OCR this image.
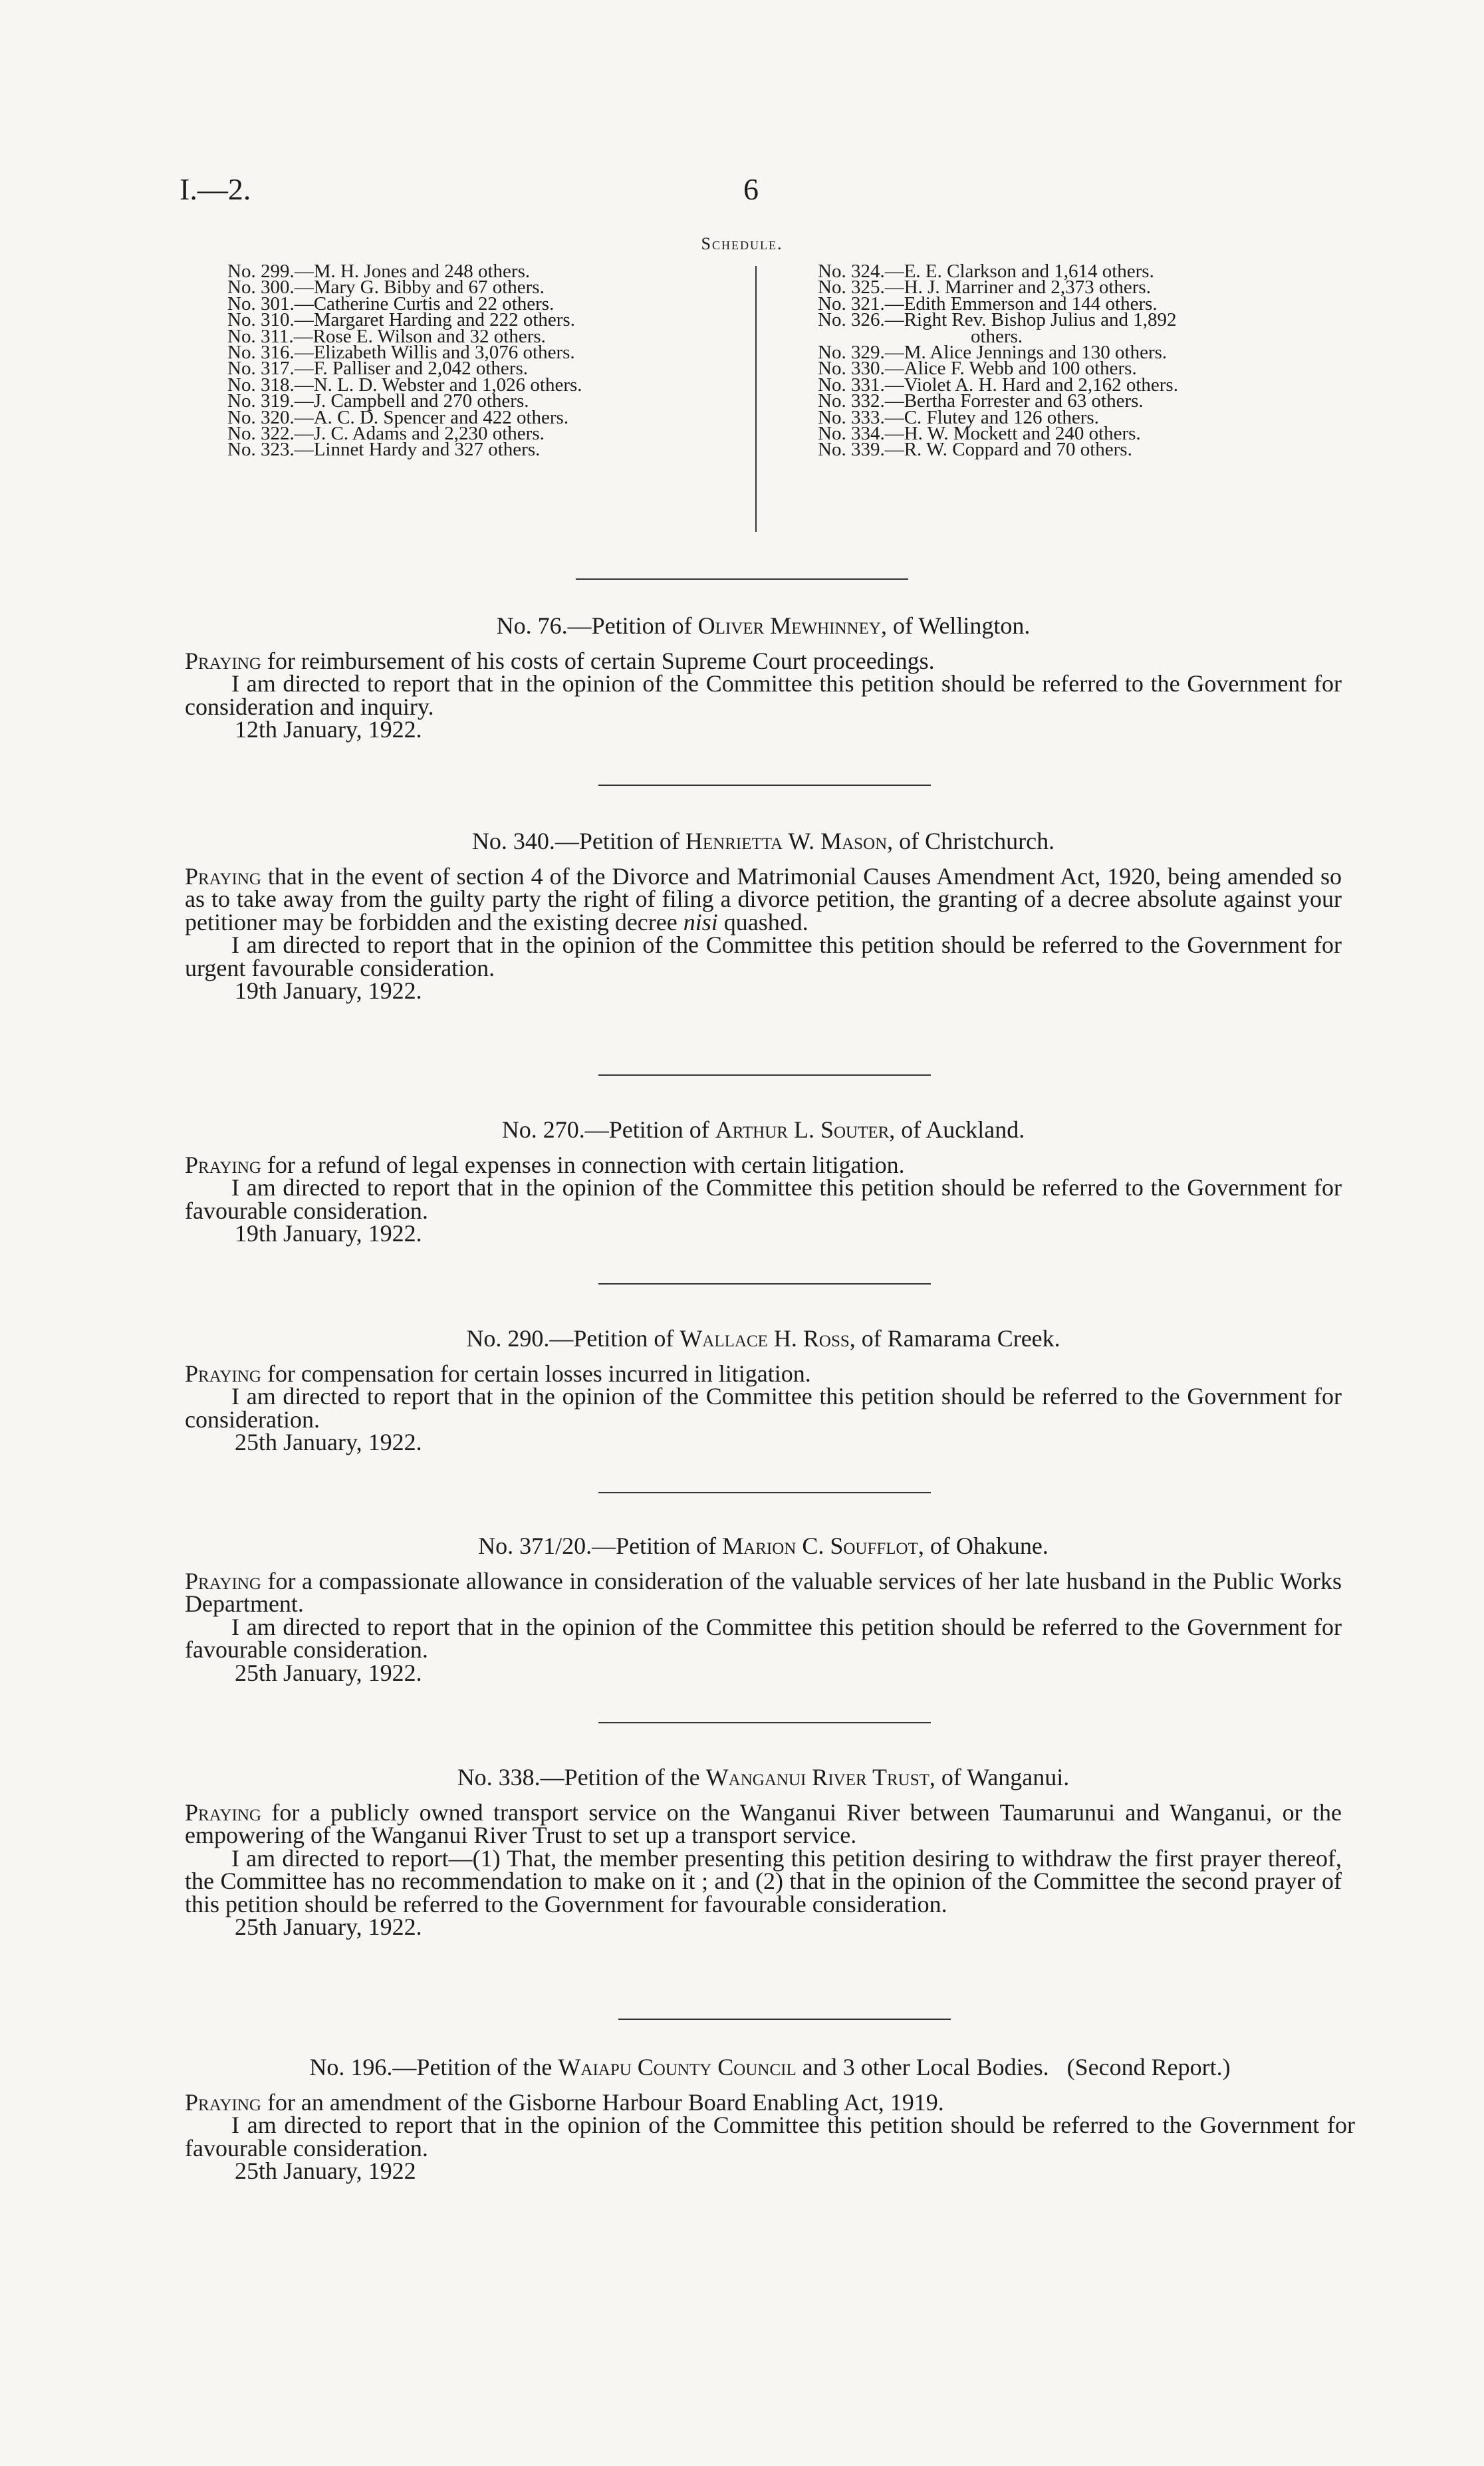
I.—2.	6
Schedule.
No. 299.—M. H. Jones and 248 others.
No. 300.—Mary G. Bibby and 67 others.
No. 301.—Catherine Curtis and 22 others.
No. 310.—Margaret Harding and 222 others.
No. 311.—Rose E. Wilson and 32 others.
No. 316.—Elizabeth Willis and 3,076 others.
No. 317.—F. Palliser and 2,042 others.
No. 318.—N. L. D. Webster and 1,026 others.
No. 319.—J. Campbell and 270 others.
No. 320.—A. C. D. Spencer and 422 others.
No. 322.—J. C. Adams and 2,230 others.
No. 323.—Linnet Hardy and 327 others.
No. 324.—E. E. Clarkson and 1,614 others.
No. 325.—H. J. Marriner and 2,373 others.
No. 321.—Edith Emmerson and 144 others.
No. 326.—Right Rev. Bishop Julius and 1,892
others.
No. 329.—M. Alice Jennings and 130 others.
No. 330.—Alice F. Webb and 100 others.
No. 331.—Violet A. H. Hard and 2,162 others.
No. 332.—Bertha Forrester and 63 others.
No. 333.—C. Flutey and 126 others.
No. 334.—H. W. Mockett and 240 others.
No. 339.—R. W. Coppard and 70 others.
No. 76.—Petition of Oliver Mewhinney, of Wellington.

Praying for reimbursement of his costs of certain Supreme Court proceedings.

I am directed to report that in the opinion of the Committee this petition should be referred to the Government for consideration and inquiry.

12th January, 1922.

No. 340.—Petition of Henrietta W. Mason, of Christchurch.

Praying that in the event of section 4 of the Divorce and Matrimonial Causes Amendment Act, 1920, being amended so as to take away from the guilty party the right of filing a divorce petition, the granting of a decree absolute against your petitioner may be forbidden and the existing decree nisi quashed.

I am directed to report that in the opinion of the Committee this petition should be referred to the Government for urgent favourable consideration.

19th January, 1922.

No. 270.—Petition of Arthur L. Souter, of Auckland.

Praying for a refund of legal expenses in connection with certain litigation.

I am directed to report that in the opinion of the Committee this petition should be referred to the Government for favourable consideration.

19th January, 1922.

No. 290.—Petition of Wallace H. Ross, of Ramarama Creek.

Praying for compensation for certain losses incurred in litigation.

I am directed to report that in the opinion of the Committee this petition should be referred to the Government for consideration.

25th January, 1922.

No. 371/20.—Petition of Marion C. Soufflot, of Ohakune.

Praying for a compassionate allowance in consideration of the valuable services of her late husband in the Public Works Department.

I am directed to report that in the opinion of the Committee this petition should be referred to the Government for favourable consideration.

25th January, 1922.

No. 338.—Petition of the Wanganui River Trust, of Wanganui.

Praying for a publicly owned transport service on the Wanganui River between Taumarunui and Wanganui, or the empowering of the Wanganui River Trust to set up a transport service.

I am directed to report—(1) That, the member presenting this petition desiring to withdraw the first prayer thereof, the Committee has no recommendation to make on it ; and (2) that in the opinion of the Committee the second prayer of this petition should be referred to the Government for favourable consideration.

25th January, 1922.

No. 196.—Petition of the Waiapu County Council and 3 other Local Bodies.   (Second Report.)

Praying for an amendment of the Gisborne Harbour Board Enabling Act, 1919.

I am directed to report that in the opinion of the Committee this petition should be referred to the Government for favourable consideration.

25th January, 1922
